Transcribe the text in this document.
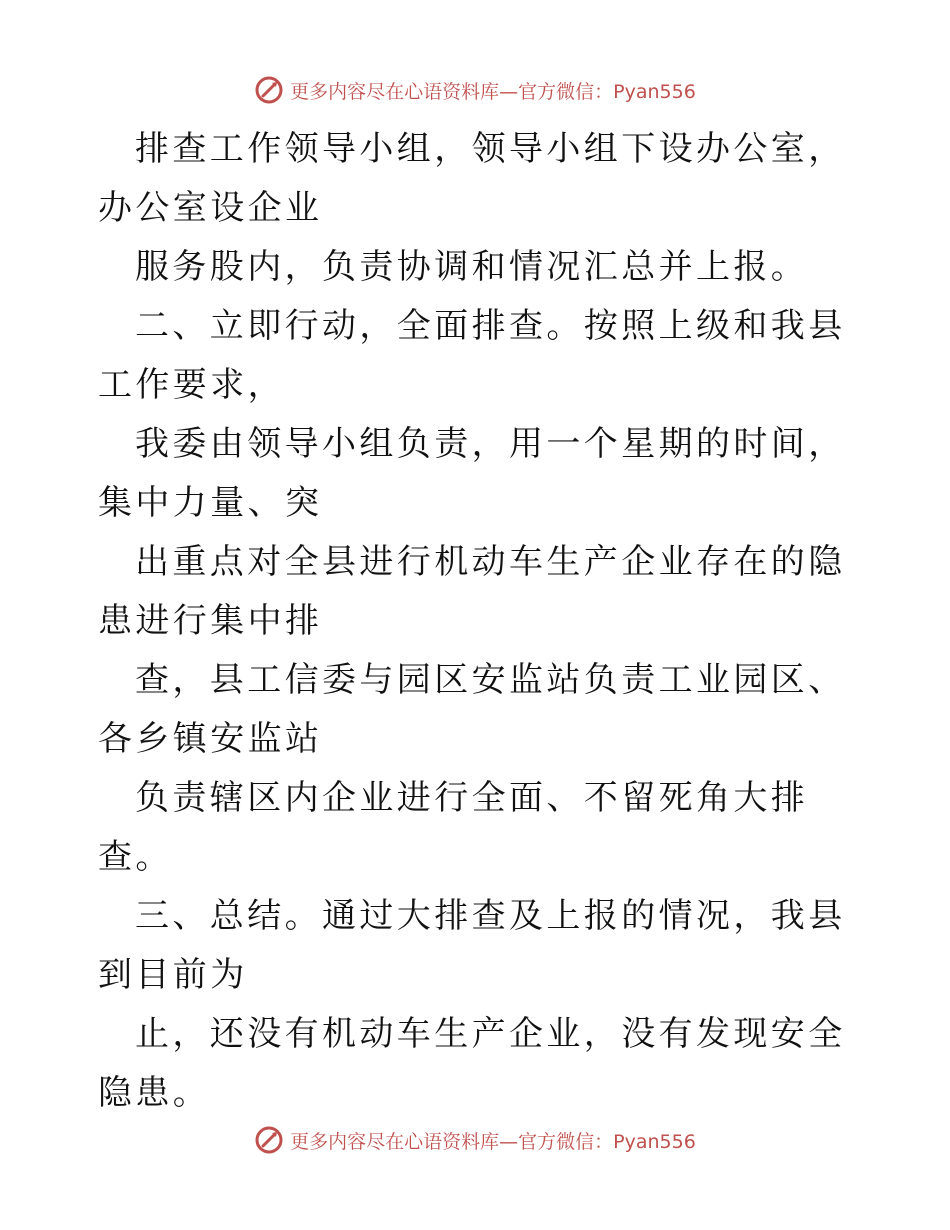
更多内容尽在心语资料库—官方微信：Pyan556

排查工作领导小组，领导小组下设办公室，办公室设企业

服务股内，负责协调和情况汇总并上报。

二、立即行动，全面排查。按照上级和我县工作要求，

我委由领导小组负责，用一个星期的时间，集中力量、突

出重点对全县进行机动车生产企业存在的隐患进行集中排

查，县工信委与园区安监站负责工业园区、各乡镇安监站

负责辖区内企业进行全面、不留死角大排查。

三、总结。通过大排查及上报的情况，我县到目前为

止，还没有机动车生产企业，没有发现安全隐患。

更多内容尽在心语资料库—官方微信：Pyan556
